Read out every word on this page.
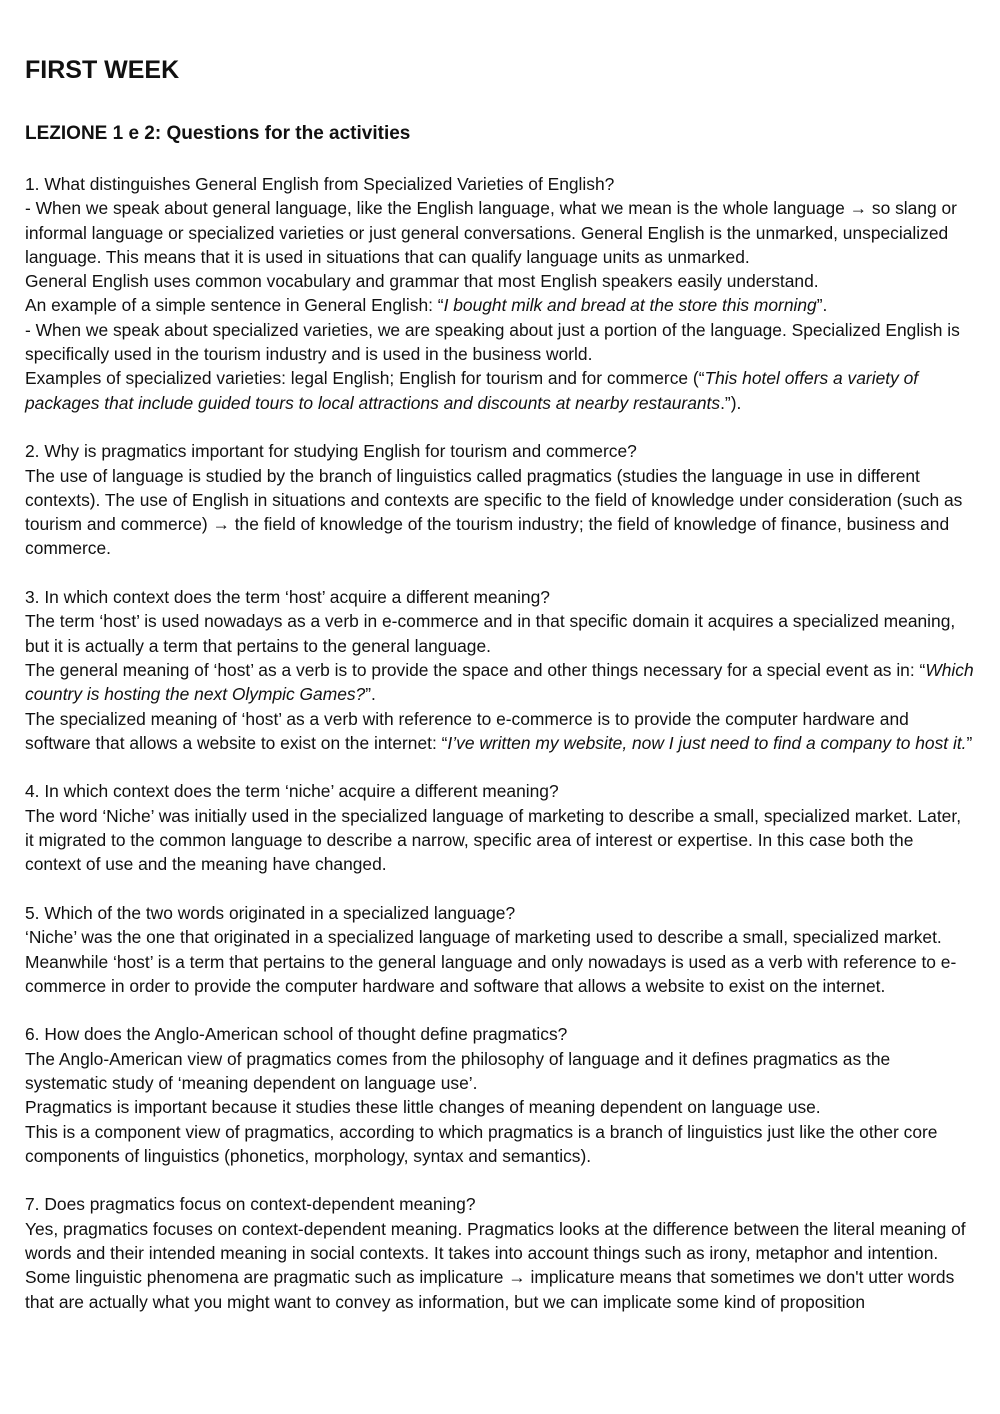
FIRST WEEK
LEZIONE 1 e 2: Questions for the activities

1. What distinguishes General English from Specialized Varieties of English?

- When we speak about general language, like the English language, what we mean is the whole language → so slang or informal language or specialized varieties or just general conversations. General English is the unmarked, unspecialized language. This means that it is used in situations that can qualify language units as unmarked.

General English uses common vocabulary and grammar that most English speakers easily understand.

An example of a simple sentence in General English: “I bought milk and bread at the store this morning”.

- When we speak about specialized varieties, we are speaking about just a portion of the language. Specialized English is specifically used in the tourism industry and is used in the business world.

Examples of specialized varieties: legal English; English for tourism and for commerce (“This hotel offers a variety of packages that include guided tours to local attractions and discounts at nearby restaurants.”).

2. Why is pragmatics important for studying English for tourism and commerce?

The use of language is studied by the branch of linguistics called pragmatics (studies the language in use in different contexts). The use of English in situations and contexts are specific to the field of knowledge under consideration (such as tourism and commerce) → the field of knowledge of the tourism industry; the field of knowledge of finance, business and commerce.

3. In which context does the term ‘host’ acquire a different meaning?

The term ‘host’ is used nowadays as a verb in e-commerce and in that specific domain it acquires a specialized meaning, but it is actually a term that pertains to the general language.

The general meaning of ‘host’ as a verb is to provide the space and other things necessary for a special event as in: “Which country is hosting the next Olympic Games?”.

The specialized meaning of ‘host’ as a verb with reference to e-commerce is to provide the computer hardware and software that allows a website to exist on the internet: “I’ve written my website, now I just need to find a company to host it.”

4. In which context does the term ‘niche’ acquire a different meaning?

The word ‘Niche’ was initially used in the specialized language of marketing to describe a small, specialized market. Later, it migrated to the common language to describe a narrow, specific area of interest or expertise. In this case both the context of use and the meaning have changed.

5. Which of the two words originated in a specialized language?

‘Niche’ was the one that originated in a specialized language of marketing used to describe a small, specialized market. Meanwhile ‘host’ is a term that pertains to the general language and only nowadays is used as a verb with reference to e-commerce in order to provide the computer hardware and software that allows a website to exist on the internet.

6. How does the Anglo-American school of thought define pragmatics?

The Anglo-American view of pragmatics comes from the philosophy of language and it defines pragmatics as the systematic study of ‘meaning dependent on language use’.

Pragmatics is important because it studies these little changes of meaning dependent on language use.

This is a component view of pragmatics, according to which pragmatics is a branch of linguistics just like the other core components of linguistics (phonetics, morphology, syntax and semantics).

7. Does pragmatics focus on context-dependent meaning?

Yes, pragmatics focuses on context-dependent meaning. Pragmatics looks at the difference between the literal meaning of words and their intended meaning in social contexts. It takes into account things such as irony, metaphor and intention.

Some linguistic phenomena are pragmatic such as implicature → implicature means that sometimes we don't utter words that are actually what you might want to convey as information, but we can implicate some kind of proposition
